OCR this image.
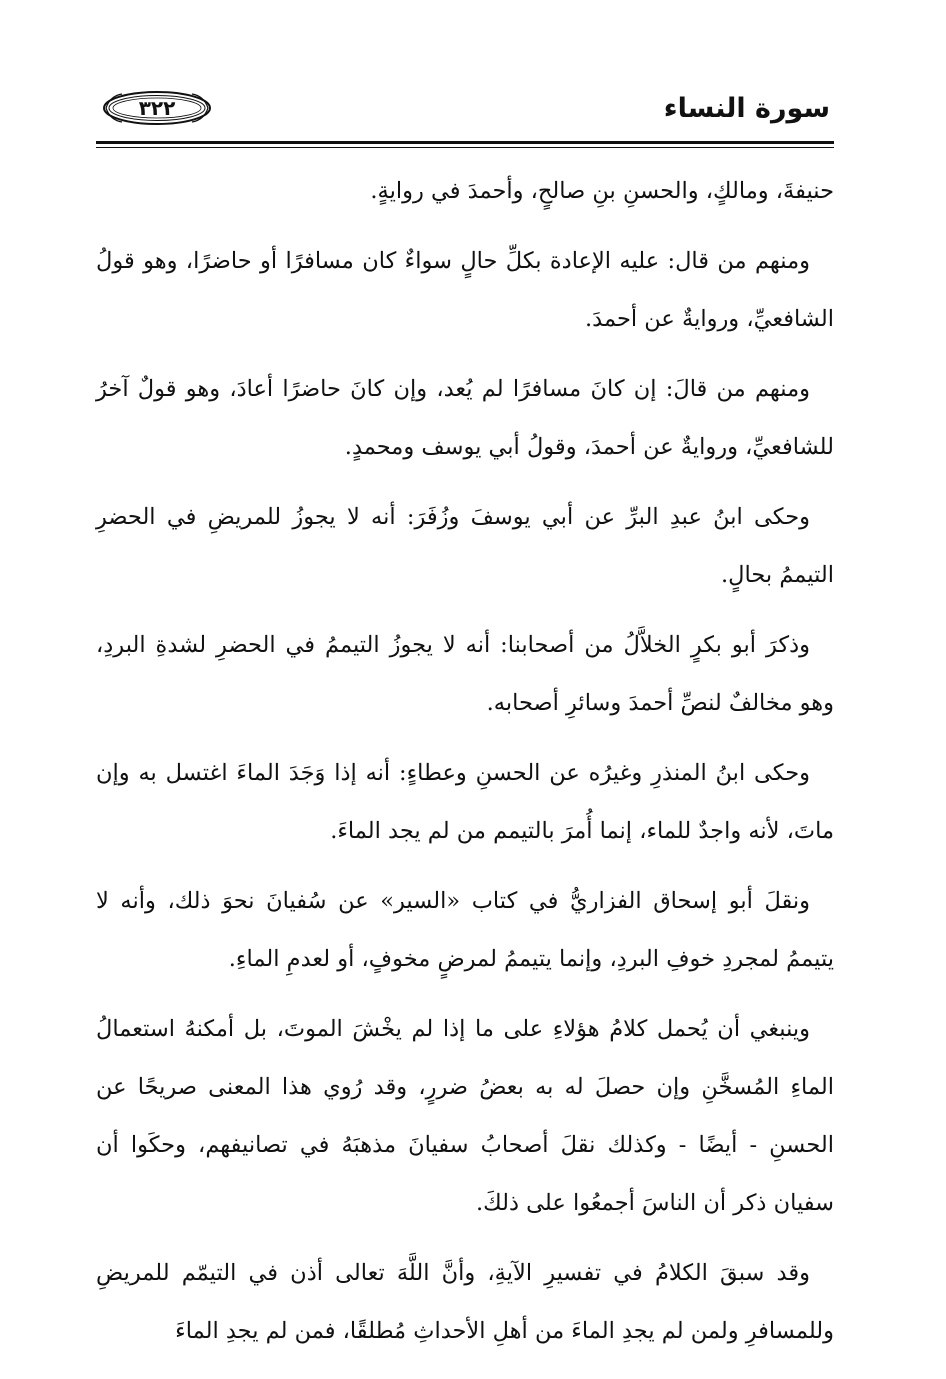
سورة النساء
٣٢٢

حنيفةَ، ومالكٍ، والحسنِ بنِ صالحٍ، وأحمدَ في روايةٍ.

ومنهم من قال: عليه الإعادة بكلِّ حالٍ سواءٌ كان مسافرًا أو حاضرًا، وهو قولُ الشافعيِّ، وروايةٌ عن أحمدَ.

ومنهم من قالَ: إن كانَ مسافرًا لم يُعد، وإن كانَ حاضرًا أعادَ، وهو قولٌ آخرُ للشافعيِّ، وروايةٌ عن أحمدَ، وقولُ أبي يوسف ومحمدٍ.

وحكى ابنُ عبدِ البرِّ عن أبي يوسفَ وزُفَرَ: أنه لا يجوزُ للمريضِ في الحضرِ التيممُ بحالٍ.

وذكرَ أبو بكرٍ الخلاَّلُ من أصحابنا: أنه لا يجوزُ التيممُ في الحضرِ لشدةِ البردِ، وهو مخالفٌ لنصِّ أحمدَ وسائرِ أصحابه.

وحكى ابنُ المنذرِ وغيرُه عن الحسنِ وعطاءٍ: أنه إذا وَجَدَ الماءَ اغتسل به وإن ماتَ، لأنه واجدٌ للماء، إنما أُمرَ بالتيمم من لم يجد الماءَ.

ونقلَ أبو إسحاق الفزاريُّ في كتاب «السير» عن سُفيانَ نحوَ ذلك، وأنه لا يتيممُ لمجردِ خوفِ البردِ، وإنما يتيممُ لمرضٍ مخوفٍ، أو لعدمِ الماءِ.

وينبغي أن يُحمل كلامُ هؤلاءِ على ما إذا لم يخْشَ الموتَ، بل أمكنهُ استعمالُ الماءِ المُسخَّنِ وإن حصلَ له به بعضُ ضررٍ، وقد رُوي هذا المعنى صريحًا عن الحسنِ - أيضًا - وكذلك نقلَ أصحابُ سفيانَ مذهبَهُ في تصانيفهم، وحكَوا أن سفيان ذكر أن الناسَ أجمعُوا على ذلكَ.

وقد سبقَ الكلامُ في تفسيرِ الآيةِ، وأنَّ اللَّهَ تعالى أذن في التيمّم للمريضِ وللمسافرِ ولمن لم يجدِ الماءَ من أهلِ الأحداثِ مُطلقًا، فمن لم يجدِ الماءَ
